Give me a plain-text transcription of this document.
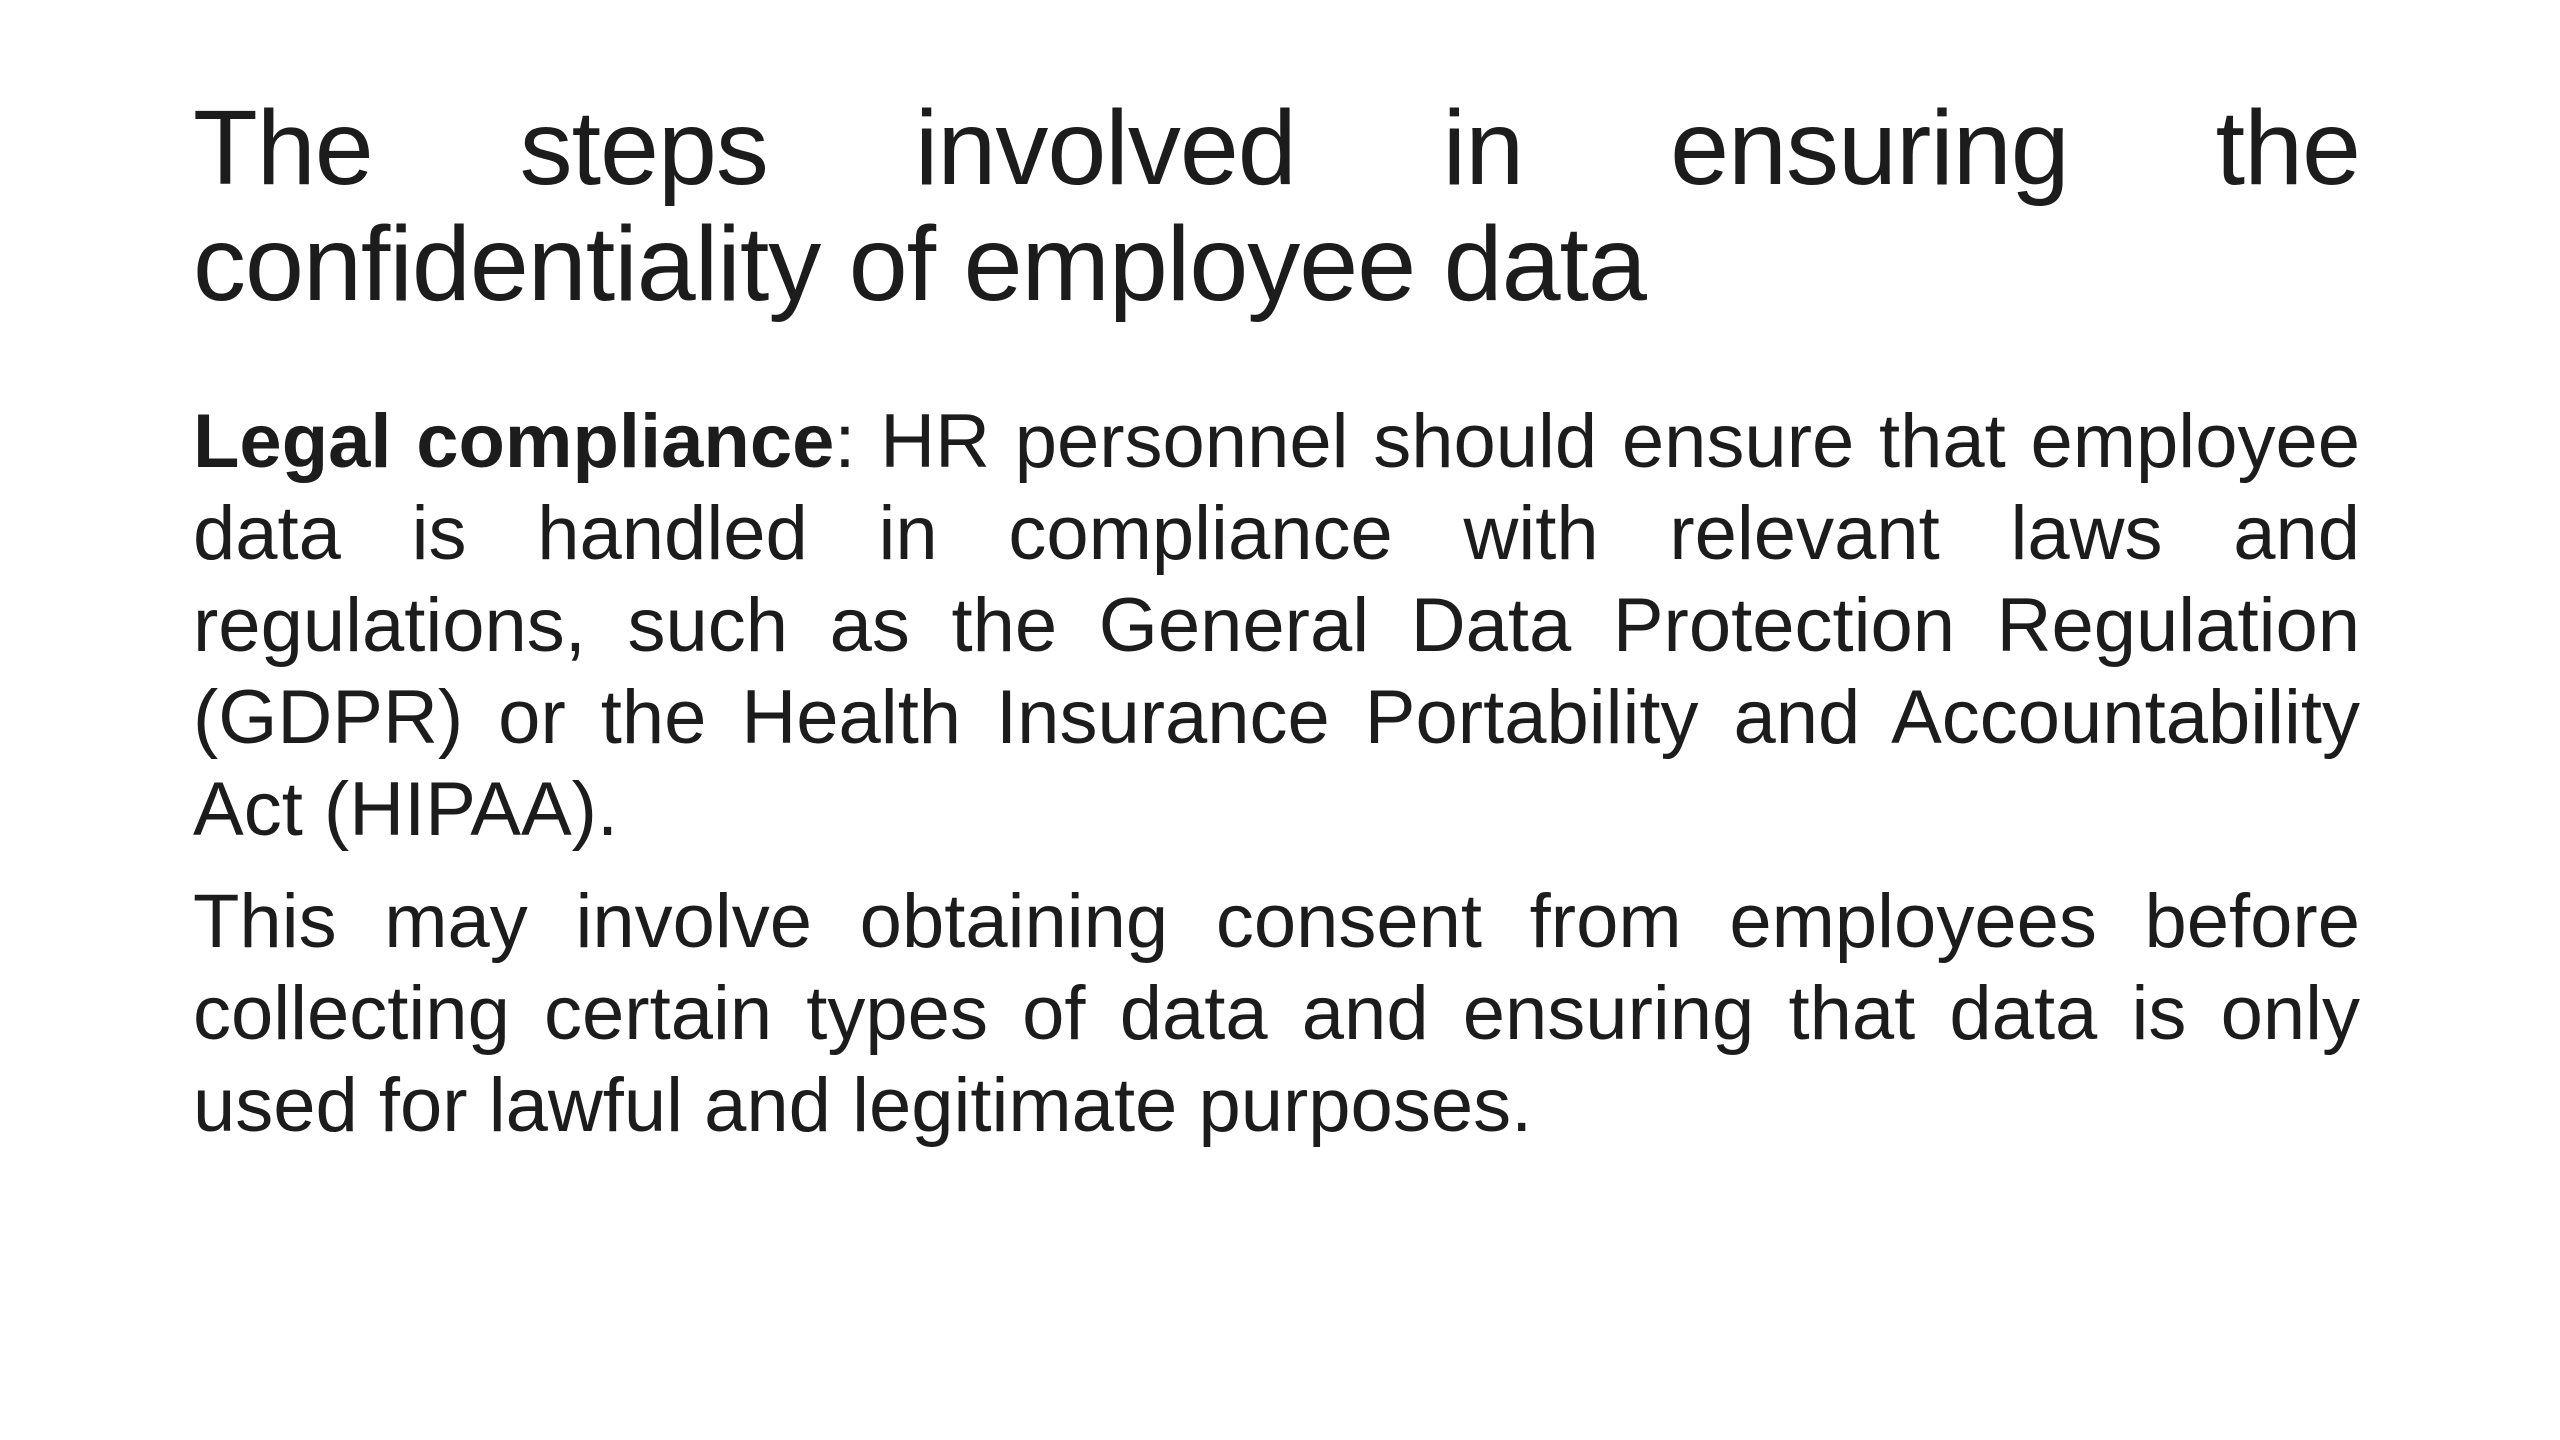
The steps involved in ensuring the
confidentiality of employee data
Legal compliance: HR personnel should ensure that employee
data is handled in compliance with relevant laws and
regulations, such as the General Data Protection Regulation
(GDPR) or the Health Insurance Portability and Accountability
Act (HIPAA).
This may involve obtaining consent from employees before
collecting certain types of data and ensuring that data is only
used for lawful and legitimate purposes.
